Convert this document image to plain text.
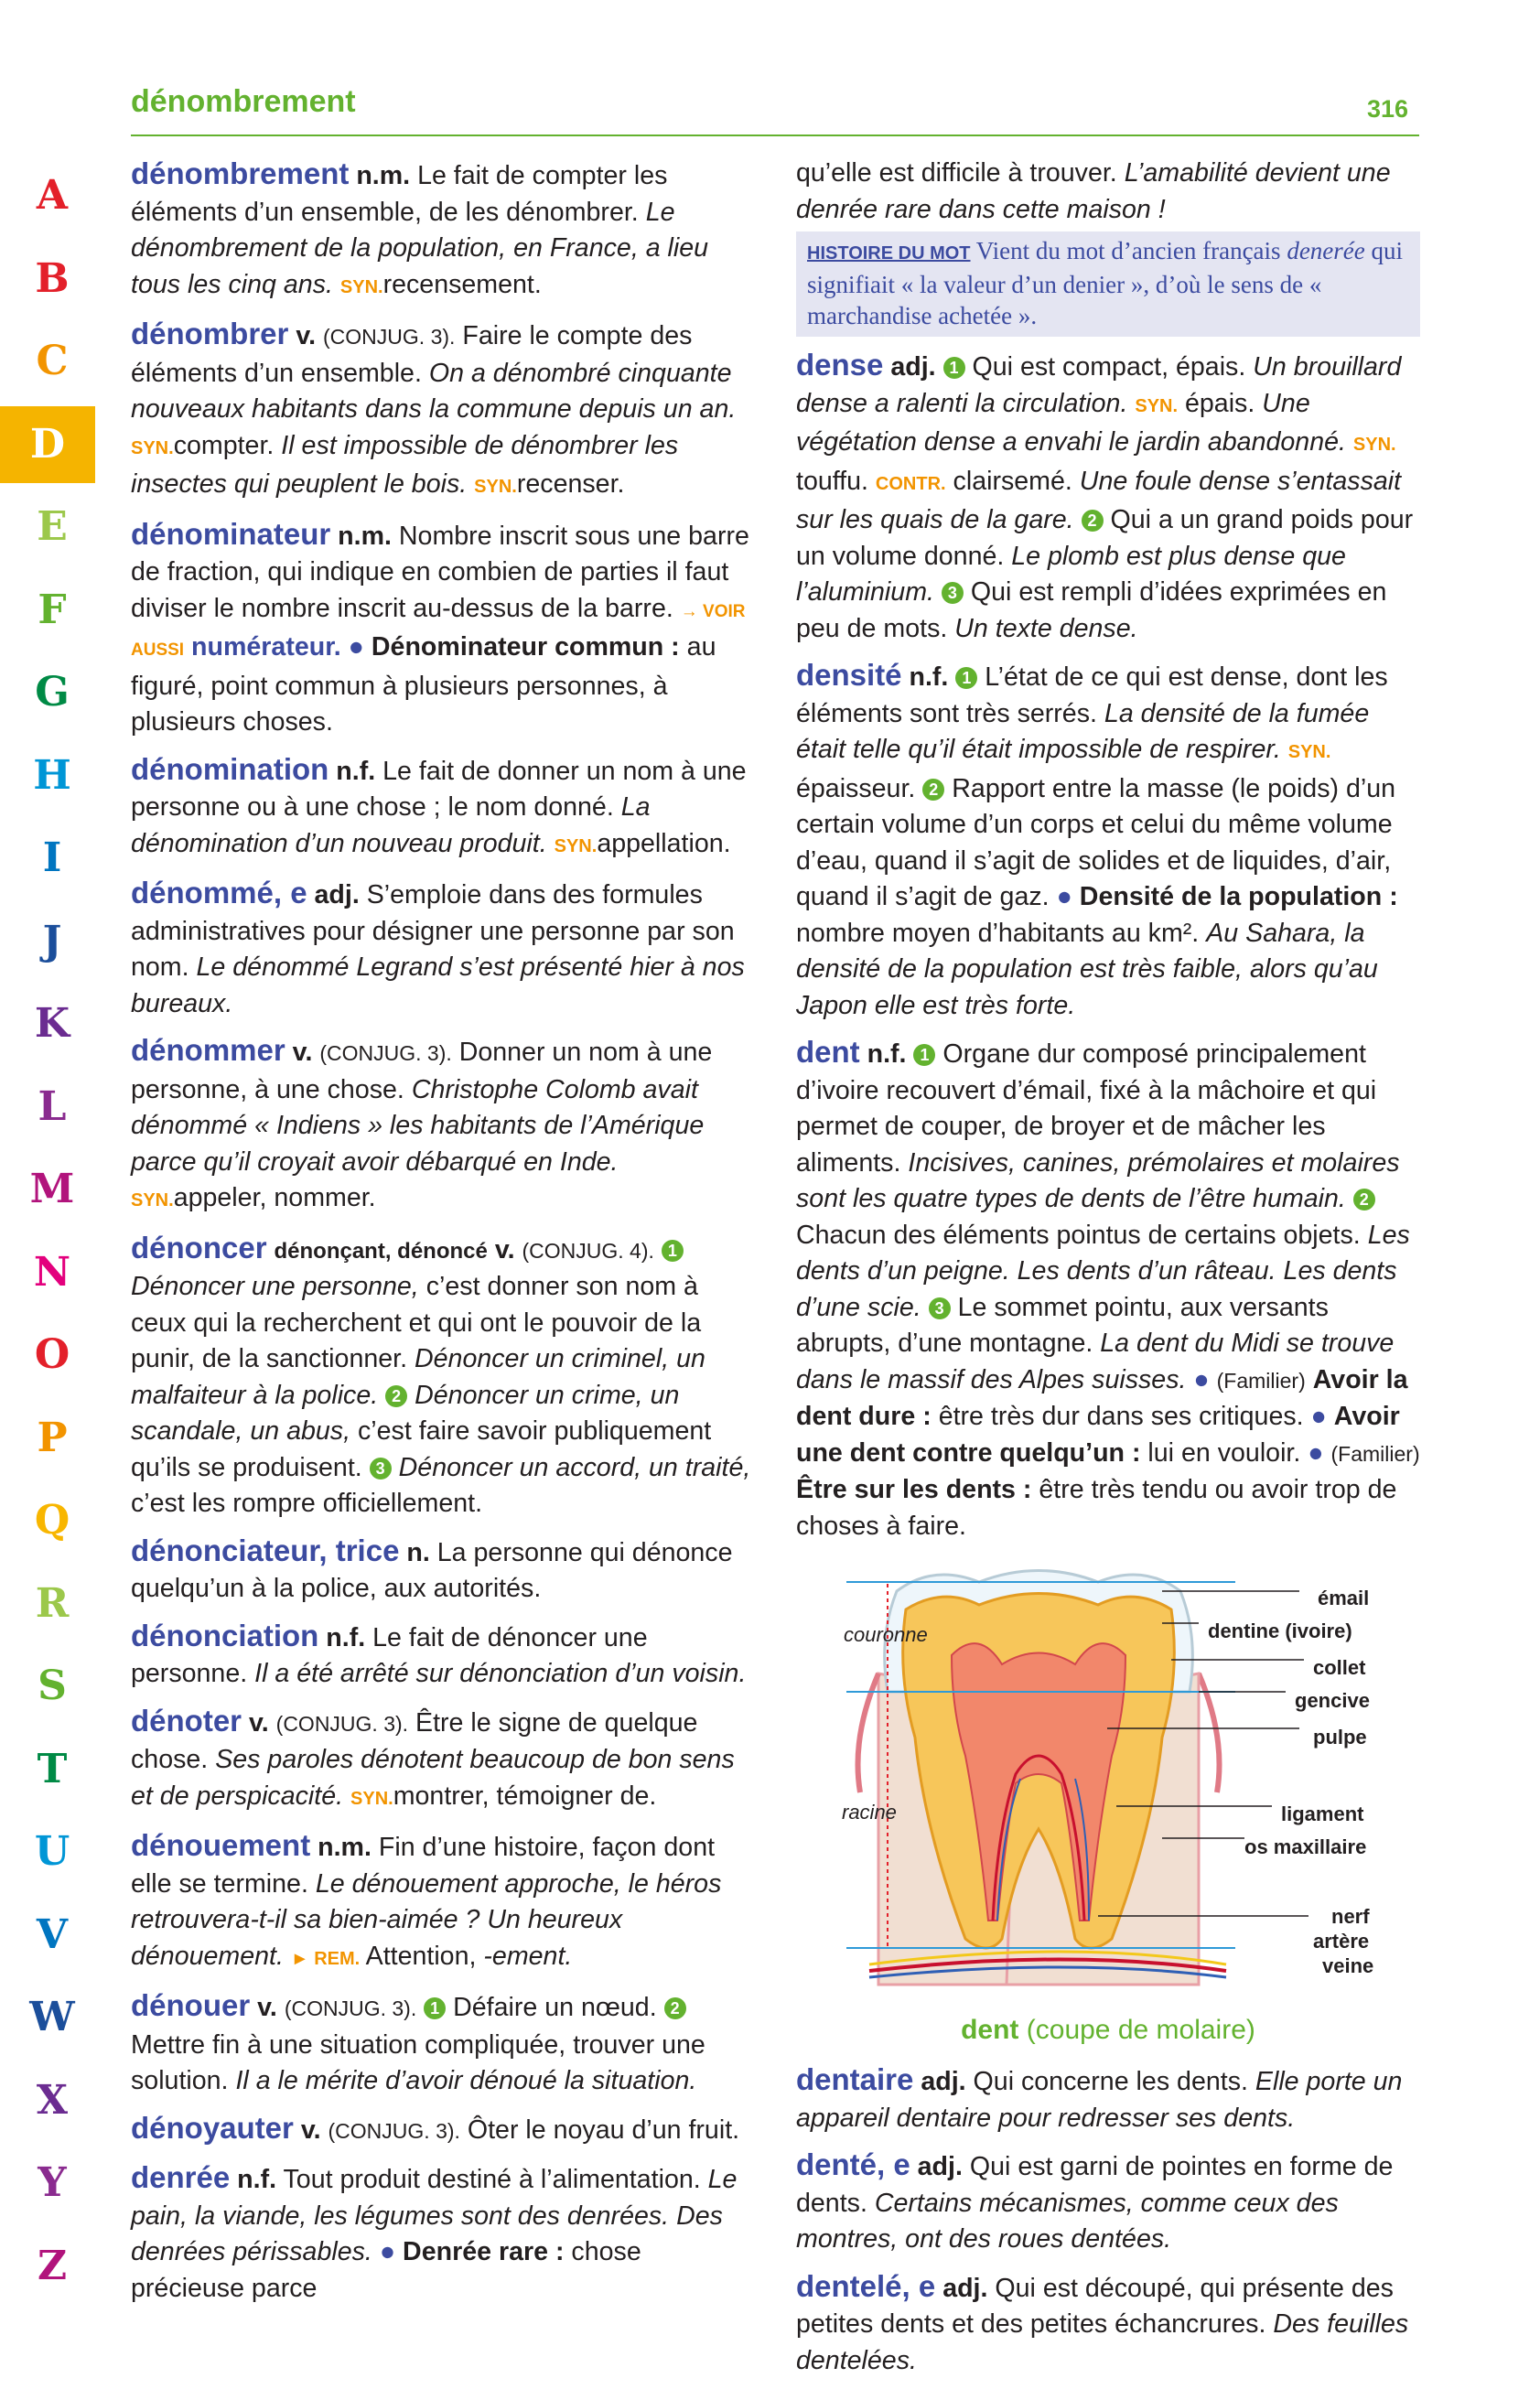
dénombrement	316
A
B
C
D
E
F
G
H
I
J
K
L
M
N
O
P
Q
R
S
T
U
V
W
X
Y
Z

dénombrement n.m. Le fait de compter les éléments d’un ensemble, de les dénombrer. Le dénombrement de la population, en France, a lieu tous les cinq ans. SYN.recensement.

dénombrer v. (CONJUG. 3). Faire le compte des éléments d’un ensemble. On a dénombré cinquante nouveaux habitants dans la commune depuis un an. SYN.compter. Il est impossible de dénombrer les insectes qui peuplent le bois. SYN.recenser.

dénominateur n.m. Nombre inscrit sous une barre de fraction, qui indique en combien de parties il faut diviser le nombre inscrit au-dessus de la barre. → VOIR AUSSI numérateur. ● Dénominateur commun : au figuré, point commun à plusieurs personnes, à plusieurs choses.

dénomination n.f. Le fait de donner un nom à une personne ou à une chose ; le nom donné. La dénomination d’un nouveau produit. SYN.appellation.

dénommé, e adj. S’emploie dans des formules administratives pour désigner une personne par son nom. Le dénommé Legrand s’est présenté hier à nos bureaux.

dénommer v. (CONJUG. 3). Donner un nom à une personne, à une chose. Christophe Colomb avait dénommé « Indiens » les habitants de l’Amérique parce qu’il croyait avoir débarqué en Inde. SYN.appeler, nommer.

dénoncer dénonçant, dénoncé v. (CONJUG. 4). 1 Dénoncer une personne, c’est donner son nom à ceux qui la recherchent et qui ont le pouvoir de la punir, de la sanctionner. Dénoncer un criminel, un malfaiteur à la police. 2 Dénoncer un crime, un scandale, un abus, c’est faire savoir publiquement qu’ils se produisent. 3 Dénoncer un accord, un traité, c’est les rompre officiellement.

dénonciateur, trice n. La personne qui dénonce quelqu’un à la police, aux autorités.

dénonciation n.f. Le fait de dénoncer une personne. Il a été arrêté sur dénonciation d’un voisin.

dénoter v. (CONJUG. 3). Être le signe de quelque chose. Ses paroles dénotent beaucoup de bon sens et de perspicacité. SYN.montrer, témoigner de.

dénouement n.m. Fin d’une histoire, façon dont elle se termine. Le dénouement approche, le héros retrouvera-t-il sa bien-aimée ? Un heureux dénouement. ► REM. Attention, -ement.

dénouer v. (CONJUG. 3). 1 Défaire un nœud. 2 Mettre fin à une situation compliquée, trouver une solution. Il a le mérite d’avoir dénoué la situation.

dénoyauter v. (CONJUG. 3). Ôter le noyau d’un fruit.

denrée n.f. Tout produit destiné à l’alimentation. Le pain, la viande, les légumes sont des denrées. Des denrées périssables. ● Denrée rare : chose précieuse parce

qu’elle est difficile à trouver. L’amabilité devient une denrée rare dans cette maison !

HISTOIRE DU MOT Vient du mot d’ancien français denerée qui signifiait « la valeur d’un denier », d’où le sens de « marchandise achetée ».

dense adj. 1 Qui est compact, épais. Un brouillard dense a ralenti la circulation. SYN. épais. Une végétation dense a envahi le jardin abandonné. SYN. touffu. CONTR. clairsemé. Une foule dense s’entassait sur les quais de la gare. 2 Qui a un grand poids pour un volume donné. Le plomb est plus dense que l’aluminium. 3 Qui est rempli d’idées exprimées en peu de mots. Un texte dense.

densité n.f. 1 L’état de ce qui est dense, dont les éléments sont très serrés. La densité de la fumée était telle qu’il était impossible de respirer. SYN. épaisseur. 2 Rapport entre la masse (le poids) d’un certain volume d’un corps et celui du même volume d’eau, quand il s’agit de solides et de liquides, d’air, quand il s’agit de gaz. ● Densité de la population : nombre moyen d’habitants au km². Au Sahara, la densité de la population est très faible, alors qu’au Japon elle est très forte.

dent n.f. 1 Organe dur composé principalement d’ivoire recouvert d’émail, fixé à la mâchoire et qui permet de couper, de broyer et de mâcher les aliments. Incisives, canines, prémolaires et molaires sont les quatre types de dents de l’être humain. 2 Chacun des éléments pointus de certains objets. Les dents d’un peigne. Les dents d’un râteau. Les dents d’une scie. 3 Le sommet pointu, aux versants abrupts, d’une montagne. La dent du Midi se trouve dans le massif des Alpes suisses. ● (Familier) Avoir la dent dure : être très dur dans ses critiques. ● Avoir une dent contre quelqu’un : lui en vouloir. ● (Familier) Être sur les dents : être très tendu ou avoir trop de choses à faire.

émail
dentine (ivoire)
collet
gencive
pulpe
ligament
os maxillaire
nerf
artère
veine
couronne
racine
dent (coupe de molaire)

dentaire adj. Qui concerne les dents. Elle porte un appareil dentaire pour redresser ses dents.

denté, e adj. Qui est garni de pointes en forme de dents. Certains mécanismes, comme ceux des montres, ont des roues dentées.

dentelé, e adj. Qui est découpé, qui présente des petites dents et des petites échancrures. Des feuilles dentelées.
